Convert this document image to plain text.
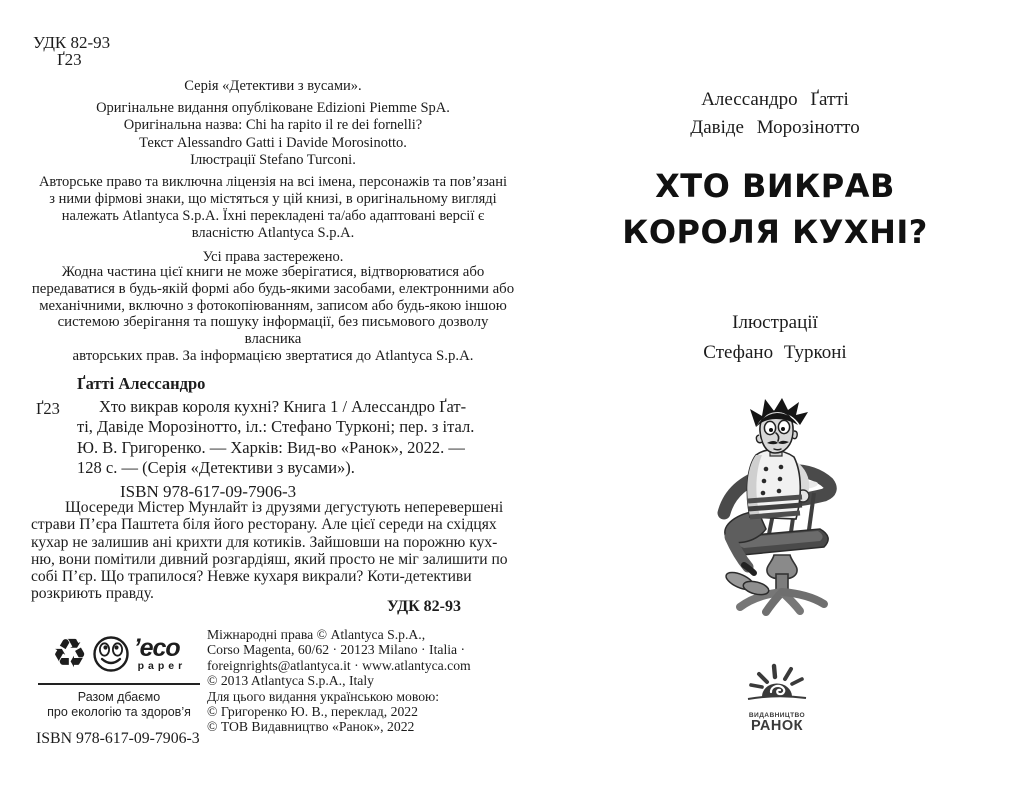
УДК 82-93
Ґ23
Серія «Детективи з вусами».
Оригінальне видання опубліковане Edizioni Piemme SpA.
Оригінальна назва: Chi ha rapito il re dei fornelli?
Текст Alessandro Gatti і Davide Morosinotto.
Ілюстрації Stefano Turconi.
Авторське право та виключна ліцензія на всі імена, персонажів та пов’язані
з ними фірмові знаки, що містяться у цій книзі, в оригінальному вигляді
належать Atlantyca S.p.A. Їхні перекладені та/або адаптовані версії є
власністю Atlantyca S.p.A.
Усі права застережено.
Жодна частина цієї книги не може зберігатися, відтворюватися або
передаватися в будь-якій формі або будь-якими засобами, електронними або
механічними, включно з фотокопіюванням, записом або будь-якою іншою
системою зберігання та пошуку інформації, без письмового дозволу власника
авторських прав. За інформацією звертатися до Atlantyca S.p.A.
Ґатті Алессандро
Ґ23	Хто викрав короля кухні? Книга 1 / Алессандро Ґат-
ті, Давіде Морозінотто, іл.: Стефано Турконі; пер. з італ.
Ю. В. Григоренко. — Харків: Вид-во «Ранок», 2022. —
128 с. — (Серія «Детективи з вусами»).
ISBN 978-617-09-7906-3
Щосереди Містер Мунлайт із друзями дегустують неперевершені
страви П’єра Паштета біля його ресторану. Але цієї середи на східцях
кухар не залишив ані крихти для котиків. Зайшовши на порожню кух-
ню, вони помітили дивний розгардіяш, який просто не міг залишити по
собі П’єр. Що трапилося? Невже кухаря викрали? Коти-детективи
розкриють правду.
УДК 82-93
♻ ’eco
paper
Разом дбаємо
про екологію та здоров’я
ISBN 978-617-09-7906-3
Міжнародні права © Atlantyca S.p.A.,
Corso Magenta, 60/62 · 20123 Milano · Italia ·
foreignrights@atlantyca.it · www.atlantyca.com
© 2013 Atlantyca S.p.A., Italy
Для цього видання українською мовою:
© Григоренко Ю. В., переклад, 2022
© ТОВ Видавництво «Ранок», 2022
Алессандро Ґатті
Давіде Морозінотто
ХТО ВИКРАВ
КОРОЛЯ КУХНІ?
Ілюстрації
Стефано Турконі
ВИДАВНИЦТВО
РАНОК
